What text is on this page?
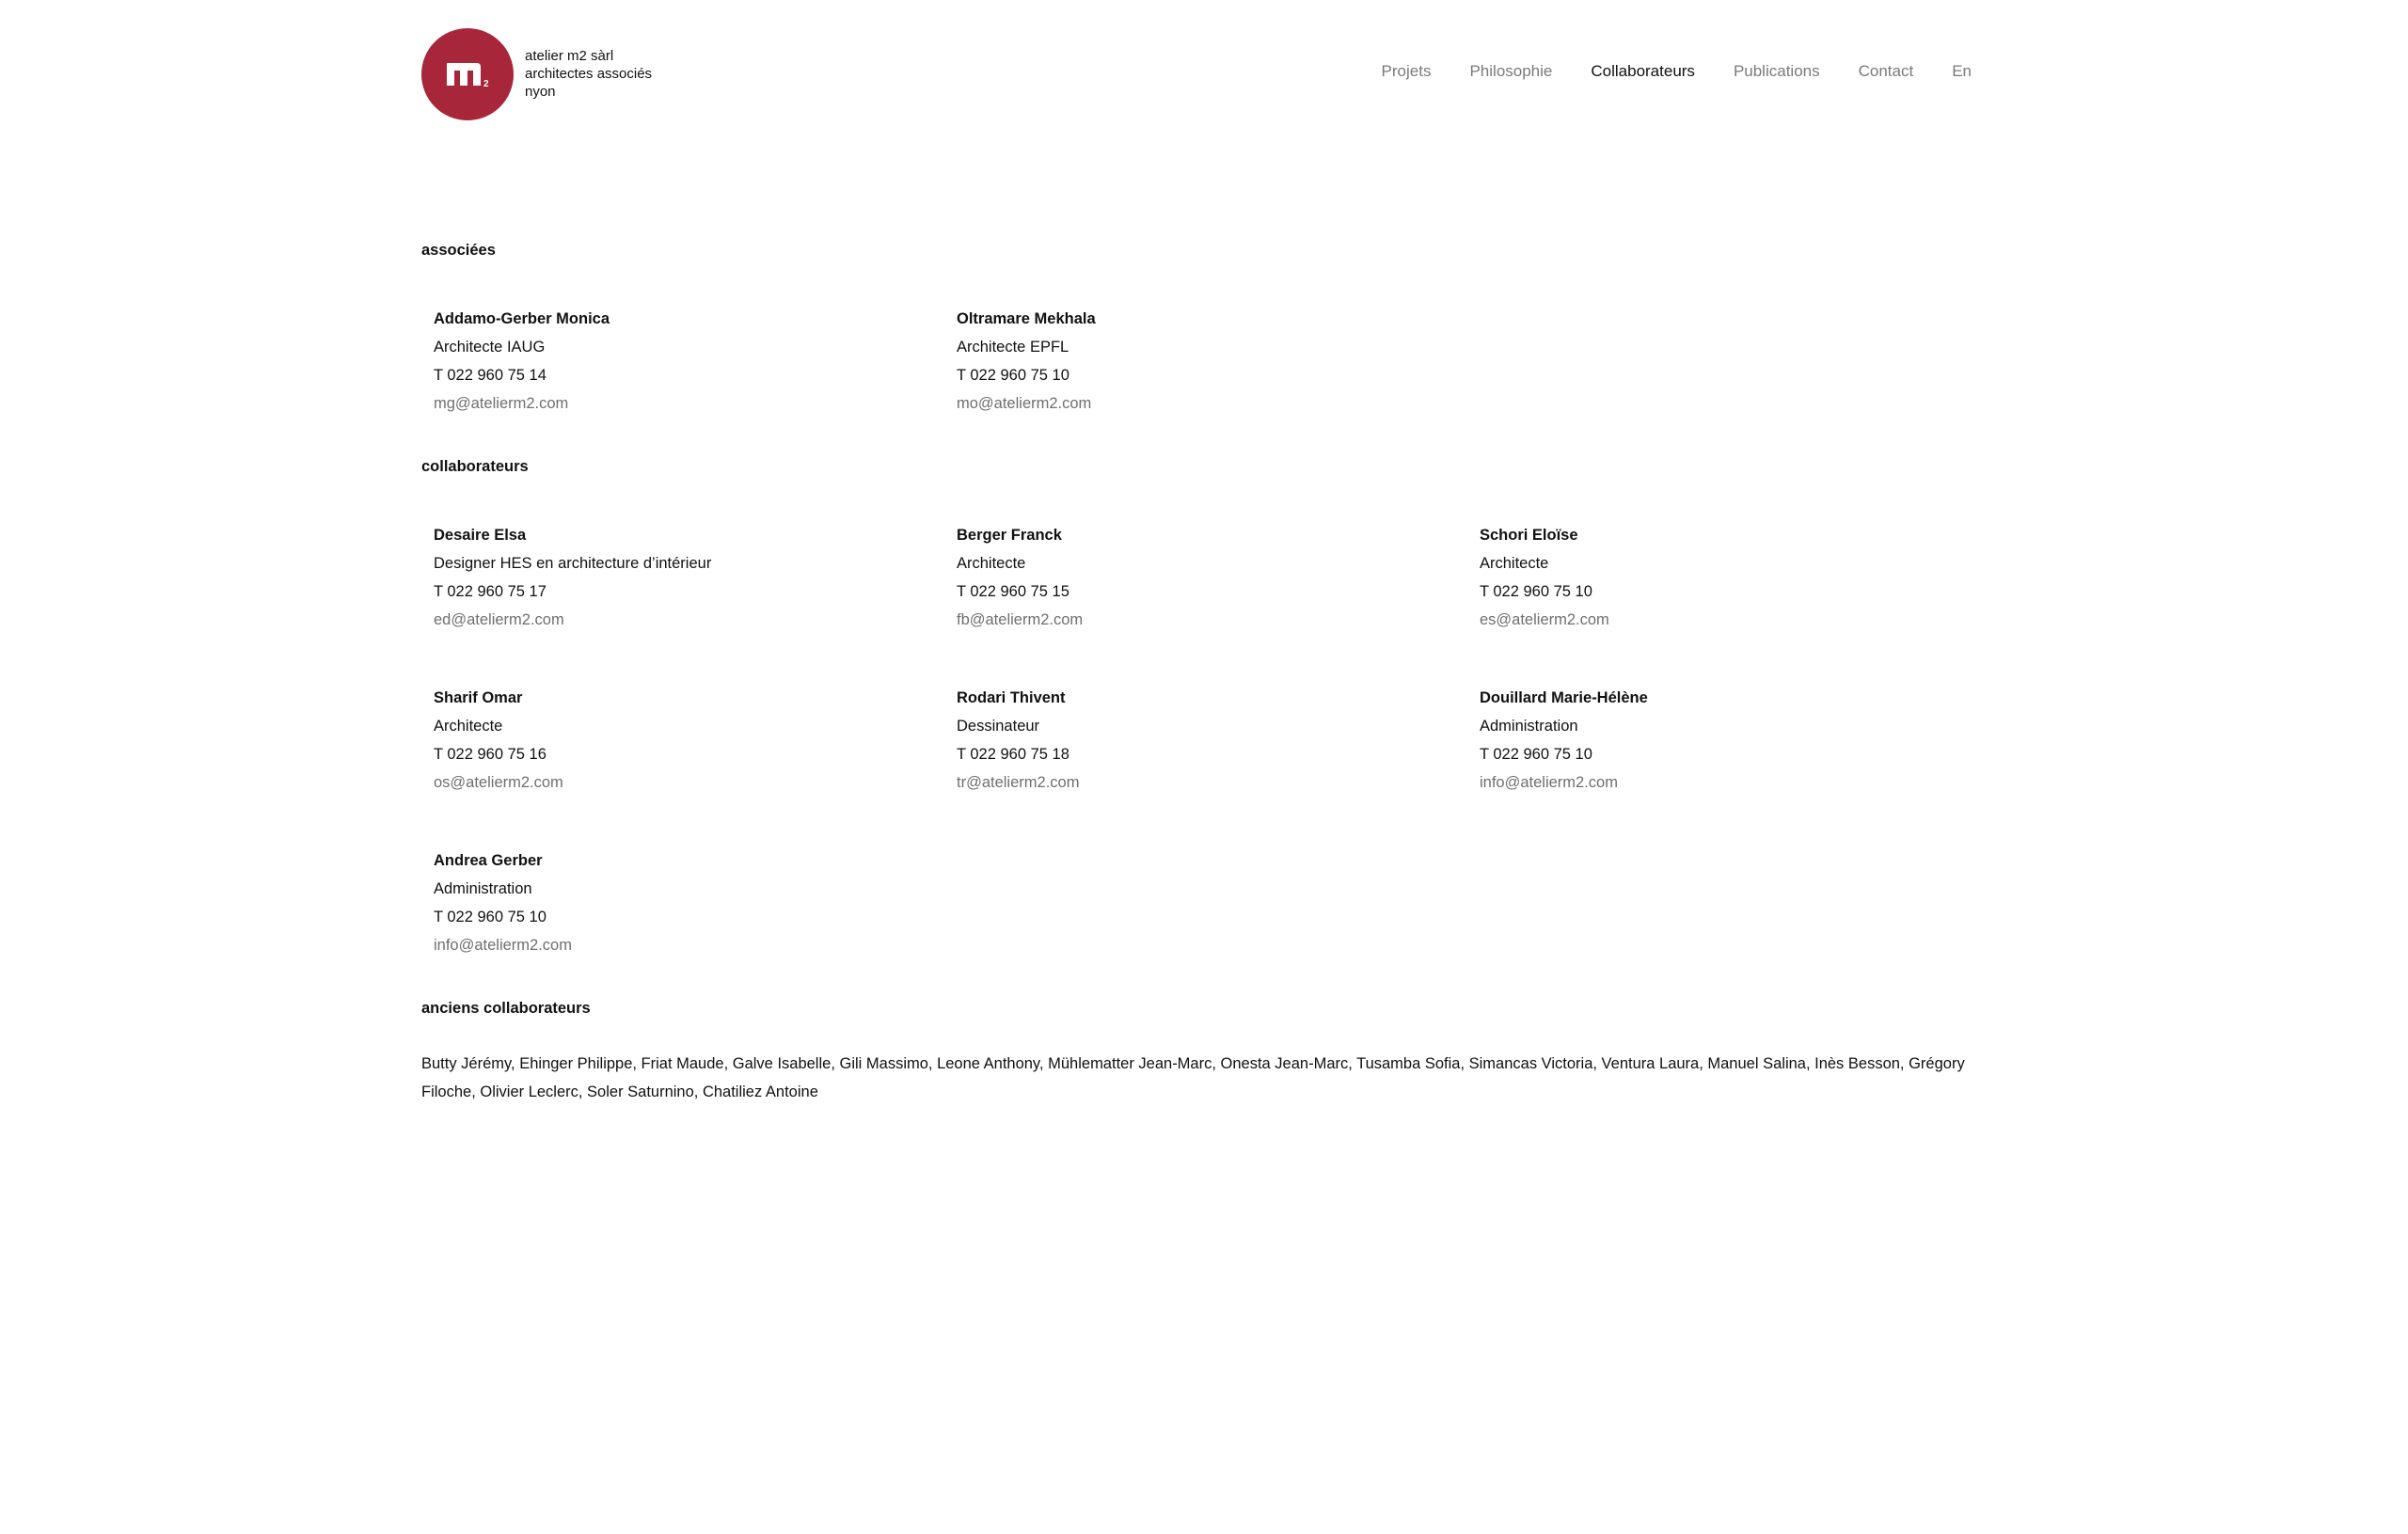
2
atelier m2 sàrl
architectes associés
nyon
Projets Philosophie Collaborateurs Publications Contact En
associées
Addamo-Gerber Monica
Architecte IAUG
T 022 960 75 14
mg@atelierm2.com
Oltramare Mekhala
Architecte EPFL
T 022 960 75 10
mo@atelierm2.com
collaborateurs
Desaire Elsa
Designer HES en architecture d’intérieur
T 022 960 75 17
ed@atelierm2.com
Berger Franck
Architecte
T 022 960 75 15
fb@atelierm2.com
Schori Eloïse
Architecte
T 022 960 75 10
es@atelierm2.com
Sharif Omar
Architecte
T 022 960 75 16
os@atelierm2.com
Rodari Thivent
Dessinateur
T 022 960 75 18
tr@atelierm2.com
Douillard Marie-Hélène
Administration
T 022 960 75 10
info@atelierm2.com
Andrea Gerber
Administration
T 022 960 75 10
info@atelierm2.com
anciens collaborateurs
Butty Jérémy, Ehinger Philippe, Friat Maude, Galve Isabelle, Gili Massimo, Leone Anthony, Mühlematter Jean-Marc, Onesta Jean-Marc, Tusamba Sofia, Simancas Victoria, Ventura Laura, Manuel Salina, Inès Besson, Grégory Filoche, Olivier Leclerc, Soler Saturnino, Chatiliez Antoine
